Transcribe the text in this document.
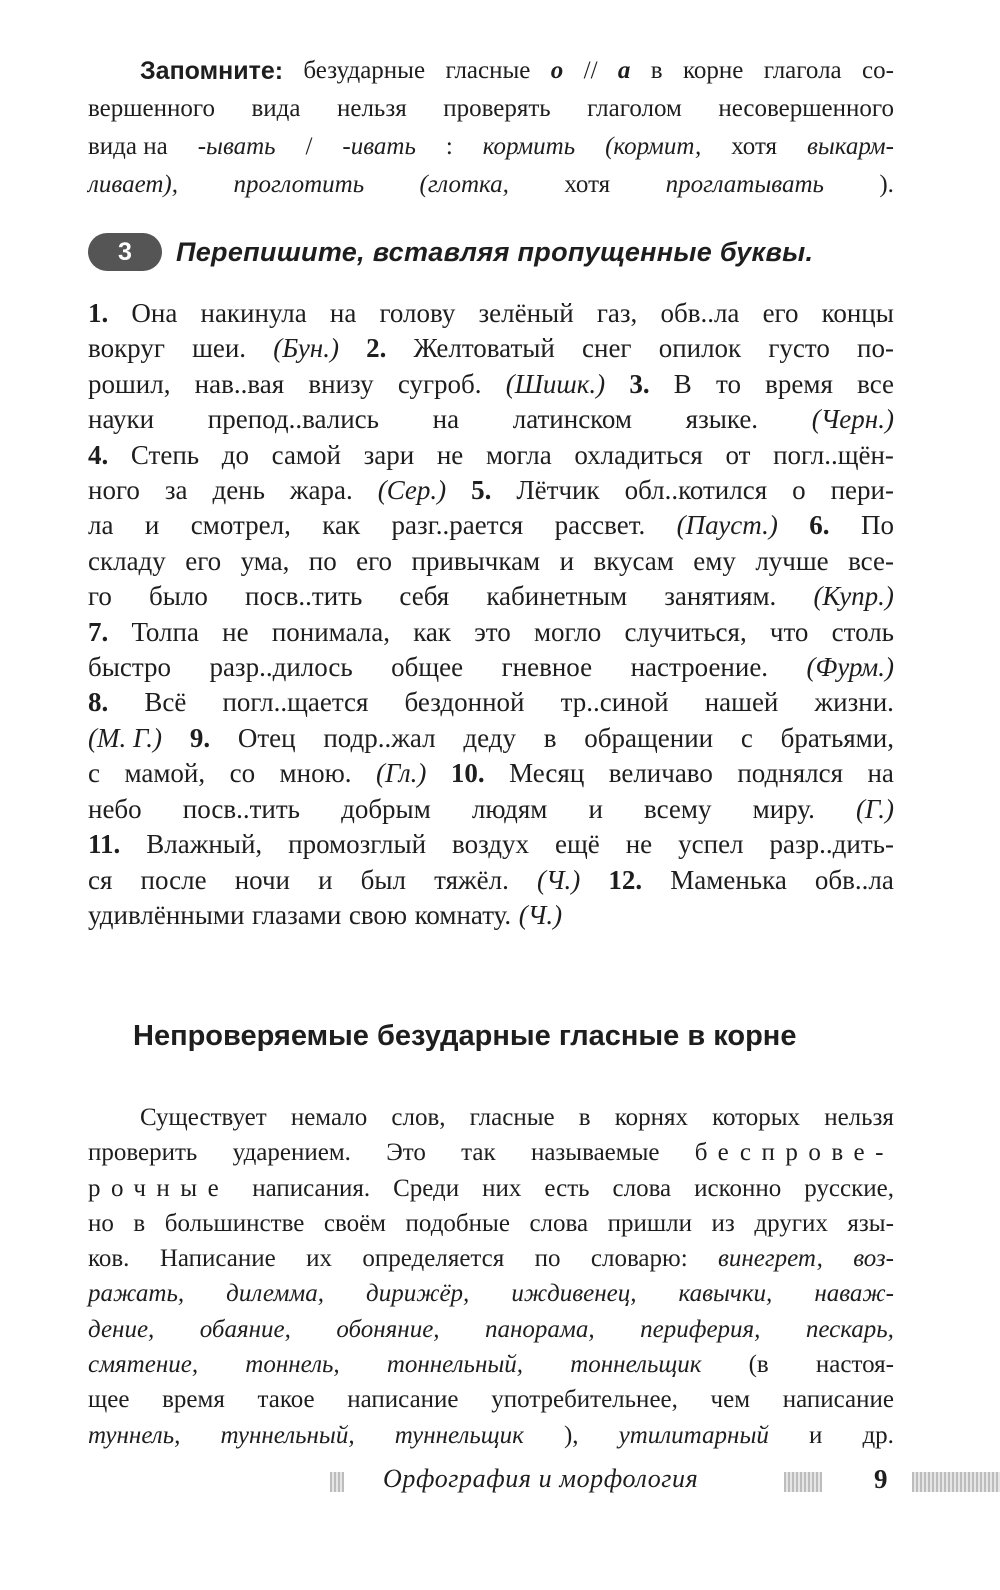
Запомните: безударные гласные о // а в корне глагола со-
вершенного вида нельзя проверять глаголом несовершенного
вида на -ывать / -ивать : кормить (кормит, хотя выкарм-
ливает), проглотить (глотка, хотя проглатывать ).
3	Перепишите, вставляя пропущенные буквы.
1. Она накинула на голову зелёный газ, обв..ла его концы
вокруг шеи. (Бун.) 2. Желтоватый снег опилок густо по-
рошил, нав..вая внизу сугроб. (Шишк.) 3. В то время все
науки препод..вались на латинском языке. (Черн.)
4. Степь до самой зари не могла охладиться от погл..щён-
ного за день жара. (Сер.) 5. Лётчик обл..котился о пери-
ла и смотрел, как разг..рается рассвет. (Пауст.) 6. По
складу его ума, по его привычкам и вкусам ему лучше все-
го было посв..тить себя кабинетным занятиям. (Купр.)
7. Толпа не понимала, как это могло случиться, что столь
быстро разр..дилось общее гневное настроение. (Фурм.)
8. Всё погл..щается бездонной тр..синой нашей жизни.
(М. Г.) 9. Отец подр..жал деду в обращении с братьями,
с мамой, со мною. (Гл.) 10. Месяц величаво поднялся на
небо посв..тить добрым людям и всему миру. (Г.)
11. Влажный, промозглый воздух ещё не успел разр..дить-
ся после ночи и был тяжёл. (Ч.) 12. Маменька обв..ла
удивлёнными глазами свою комнату. (Ч.)
Непроверяемые безударные гласные в корне
Существует немало слов, гласные в корнях которых нельзя
проверить ударением. Это так называемые беспрове-
рочные написания. Среди них есть слова исконно русские,
но в большинстве своём подобные слова пришли из других язы-
ков. Написание их определяется по словарю: винегрет, воз-
ражать, дилемма, дирижёр, иждивенец, кавычки, наваж-
дение, обаяние, обоняние, панорама, периферия, пескарь,
смятение, тоннель, тоннельный, тоннельщик (в настоя-
щее время такое написание употребительнее, чем написание
туннель, туннельный, туннельщик ), утилитарный и др.
Орфография и морфология	9
